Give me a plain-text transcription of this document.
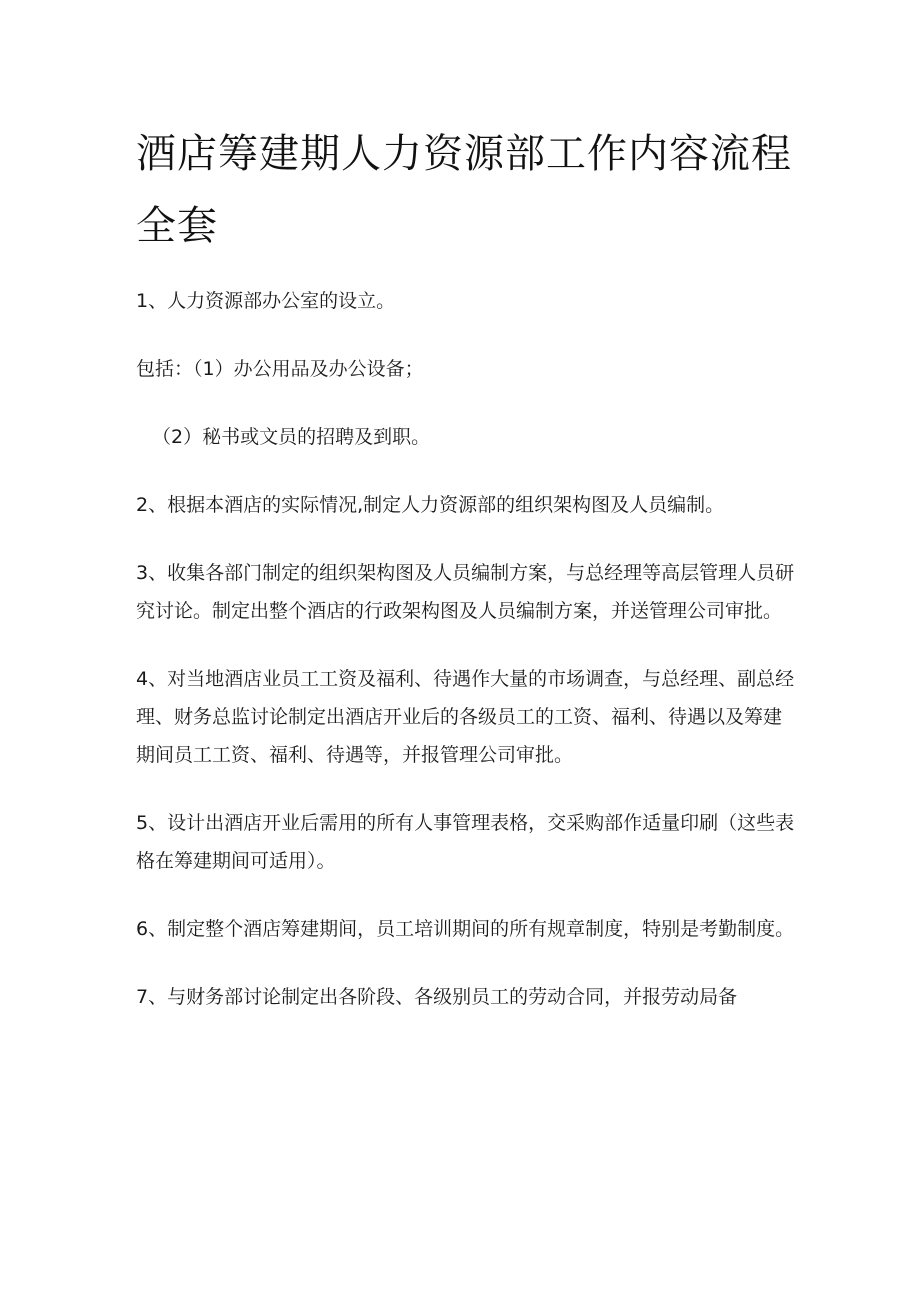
酒店筹建期人力资源部工作内容流程全套

1、人力资源部办公室的设立。

包括：（1）办公用品及办公设备；

（2）秘书或文员的招聘及到职。

2、根据本酒店的实际情况,制定人力资源部的组织架构图及人员编制。

3、收集各部门制定的组织架构图及人员编制方案，与总经理等高层管理人员研究讨论。制定出整个酒店的行政架构图及人员编制方案，并送管理公司审批。

4、对当地酒店业员工工资及福利、待遇作大量的市场调查，与总经理、副总经理、财务总监讨论制定出酒店开业后的各级员工的工资、福利、待遇以及筹建期间员工工资、福利、待遇等，并报管理公司审批。

5、设计出酒店开业后需用的所有人事管理表格，交采购部作适量印刷（这些表格在筹建期间可适用）。

6、制定整个酒店筹建期间，员工培训期间的所有规章制度，特别是考勤制度。

7、与财务部讨论制定出各阶段、各级别员工的劳动合同，并报劳动局备
